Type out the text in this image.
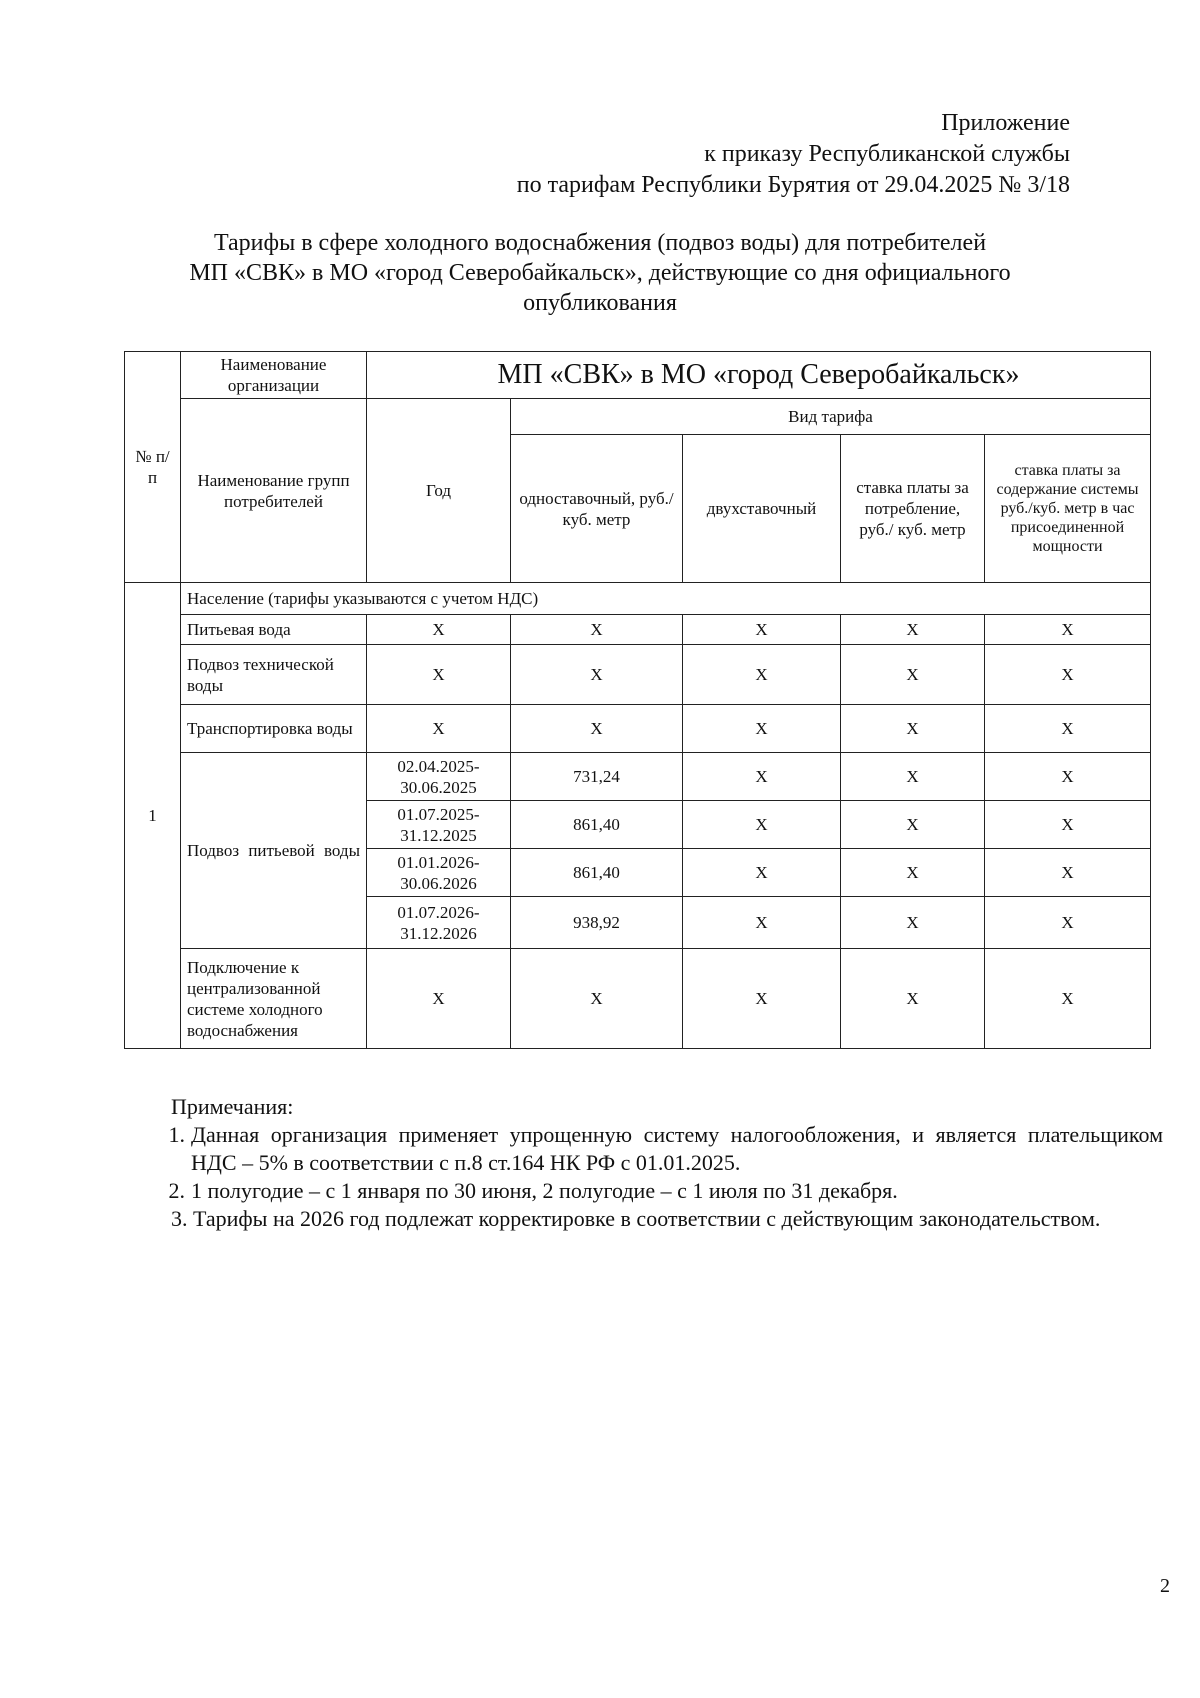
Приложение
к приказу Республиканской службы
по тарифам Республики Бурятия от 29.04.2025 № 3/18
Тарифы в сфере холодного водоснабжения (подвоз воды) для потребителей
МП «СВК» в МО «город Северобайкальск», действующие со дня официального
опубликования
№ п/п	Наименование организации	МП «СВК» в МО «город Северобайкальск»				
	Наименование групп потребителей	Год	Вид тарифа			
			одноставочный, руб./ куб. метр	двухставочный	ставка платы за потребление, руб./ куб. метр	ставка платы за содержание системы руб./куб. метр в час присоединенной мощности
1	Население (тарифы указываются с учетом НДС)					
	Питьевая вода	X	X	X	X	X
	Подвоз технической воды	X	X	X	X	X
	Транспортировка воды	X	X	X	X	X
	Подвоз питьевой воды	02.04.2025-30.06.2025	731,24	X	X	X
		01.07.2025-31.12.2025	861,40	X	X	X
		01.01.2026-30.06.2026	861,40	X	X	X
		01.07.2026-31.12.2026	938,92	X	X	X
	Подключение к централизованной системе холодного водоснабжения	X	X	X	X	X
Примечания:
1. Данная организация применяет упрощенную систему налогообложения, и является плательщиком НДС – 5% в соответствии с п.8 ст.164 НК РФ с 01.01.2025.
2. 1 полугодие – с 1 января по 30 июня, 2 полугодие – с 1 июля по 31 декабря.
3. Тарифы на 2026 год подлежат корректировке в соответствии с действующим законодательством.
2
